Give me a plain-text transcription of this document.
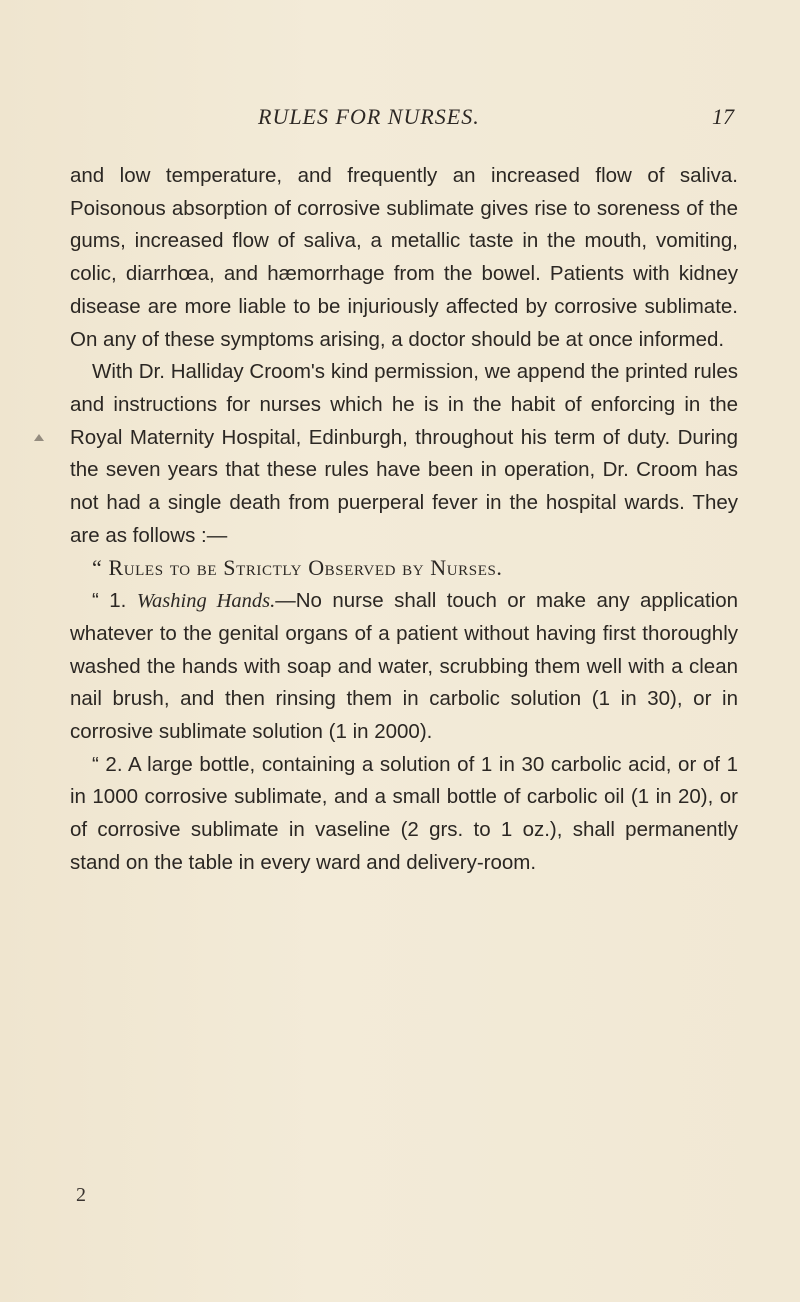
RULES FOR NURSES.	17

and low temperature, and frequently an increased flow of saliva. Poisonous absorption of corrosive sublimate gives rise to soreness of the gums, increased flow of saliva, a metallic taste in the mouth, vomiting, colic, diarrhœa, and hæmorrhage from the bowel. Patients with kidney disease are more liable to be injuriously affected by corrosive sublimate. On any of these symptoms arising, a doctor should be at once informed.

With Dr. Halliday Croom's kind permission, we append the printed rules and instructions for nurses which he is in the habit of enforcing in the Royal Maternity Hospital, Edinburgh, throughout his term of duty. During the seven years that these rules have been in operation, Dr. Croom has not had a single death from puerperal fever in the hospital wards. They are as follows :—

“ Rules to be Strictly Observed by Nurses.

“ 1. Washing Hands.—No nurse shall touch or make any application whatever to the genital organs of a patient without having first thoroughly washed the hands with soap and water, scrubbing them well with a clean nail brush, and then rinsing them in carbolic solution (1 in 30), or in corrosive sublimate solution (1 in 2000).

“ 2. A large bottle, containing a solution of 1 in 30 carbolic acid, or of 1 in 1000 corrosive sublimate, and a small bottle of carbolic oil (1 in 20), or of corrosive sublimate in vaseline (2 grs. to 1 oz.), shall permanently stand on the table in every ward and delivery-room.

2
